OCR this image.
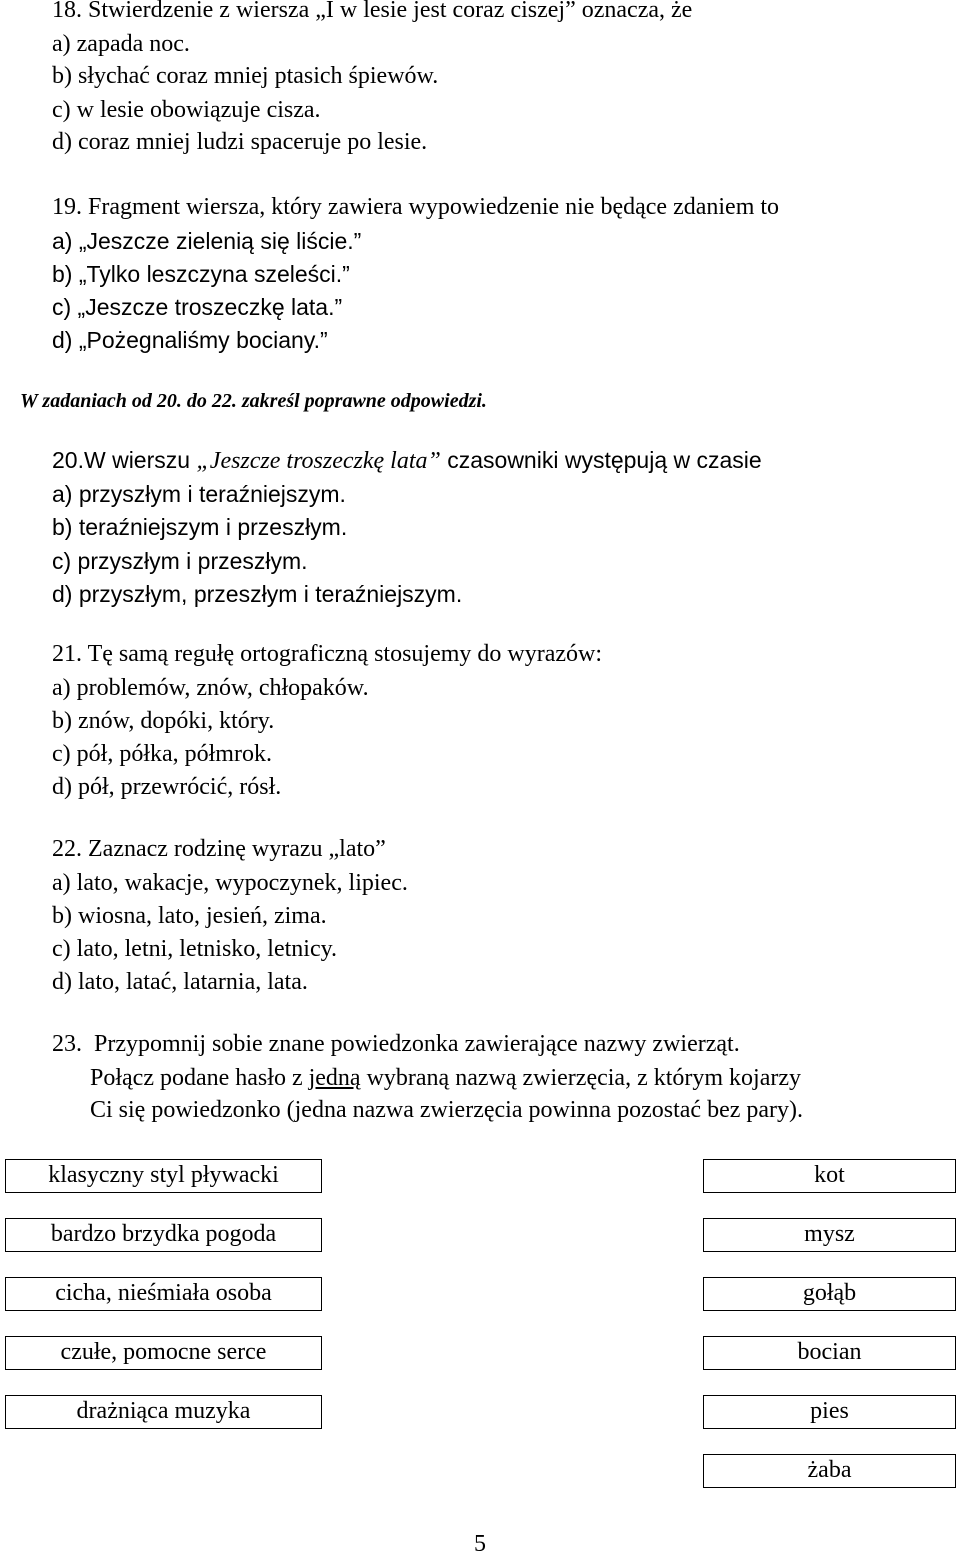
18. Stwierdzenie z wiersza „I w lesie jest coraz ciszej” oznacza, że
a) zapada noc.
b) słychać coraz mniej ptasich śpiewów.
c) w lesie obowiązuje cisza.
d) coraz mniej ludzi spaceruje po lesie.
19. Fragment wiersza, który zawiera wypowiedzenie nie będące zdaniem to
a) „Jeszcze zielenią się liście.”
b) „Tylko leszczyna szeleści.”
c) „Jeszcze troszeczkę lata.”
d) „Pożegnaliśmy bociany.”
W zadaniach od 20. do 22. zakreśl poprawne odpowiedzi.
20.W wierszu „Jeszcze troszeczkę lata” czasowniki występują w czasie
a) przyszłym i teraźniejszym.
b) teraźniejszym i przeszłym.
c) przyszłym i przeszłym.
d) przyszłym, przeszłym i teraźniejszym.
21. Tę samą regułę ortograficzną stosujemy do wyrazów:
a) problemów, znów, chłopaków.
b) znów, dopóki, który.
c) pół, półka, półmrok.
d) pół, przewrócić, rósł.
22. Zaznacz rodzinę wyrazu „lato”
a) lato, wakacje, wypoczynek, lipiec.
b) wiosna, lato, jesień, zima.
c) lato, letni, letnisko, letnicy.
d) lato, latać, latarnia, lata.
23. Przypomnij sobie znane powiedzonka zawierające nazwy zwierząt.
Połącz podane hasło z jedną wybraną nazwą zwierzęcia, z którym kojarzy
Ci się powiedzonko (jedna nazwa zwierzęcia powinna pozostać bez pary).
klasyczny styl pływacki
bardzo brzydka pogoda
cicha, nieśmiała osoba
czułe, pomocne serce
drażniąca muzyka
kot
mysz
gołąb
bocian
pies
żaba
5
